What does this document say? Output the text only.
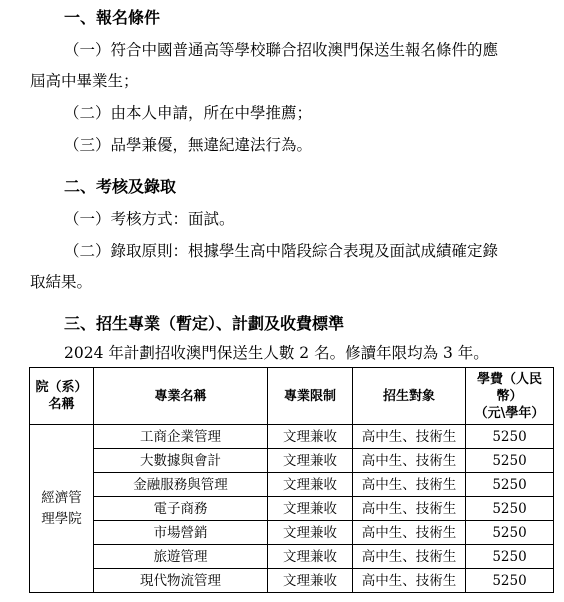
一、報名條件
（一）符合中國普通高等學校聯合招收澳門保送生報名條件的應
屆高中畢業生；
（二）由本人申請，所在中學推薦；
（三）品學兼優，無違紀違法行為。
二、考核及錄取
（一）考核方式：面試。
（二）錄取原則：根據學生高中階段綜合表現及面試成績確定錄
取結果。
三、招生專業（暫定）、計劃及收費標準
2024 年計劃招收澳門保送生人數 2 名。修讀年限均為 3 年。
院（系）
名稱	專業名稱	專業限制	招生對象	學費（人民
幣）
（元\學年）

經濟管
理學院	工商企業管理	文理兼收	高中生、技術生	5250
	大數據與會計	文理兼收	高中生、技術生	5250
	金融服務與管理	文理兼收	高中生、技術生	5250
	電子商務	文理兼收	高中生、技術生	5250
	市場營銷	文理兼收	高中生、技術生	5250
	旅遊管理	文理兼收	高中生、技術生	5250
	現代物流管理	文理兼收	高中生、技術生	5250
